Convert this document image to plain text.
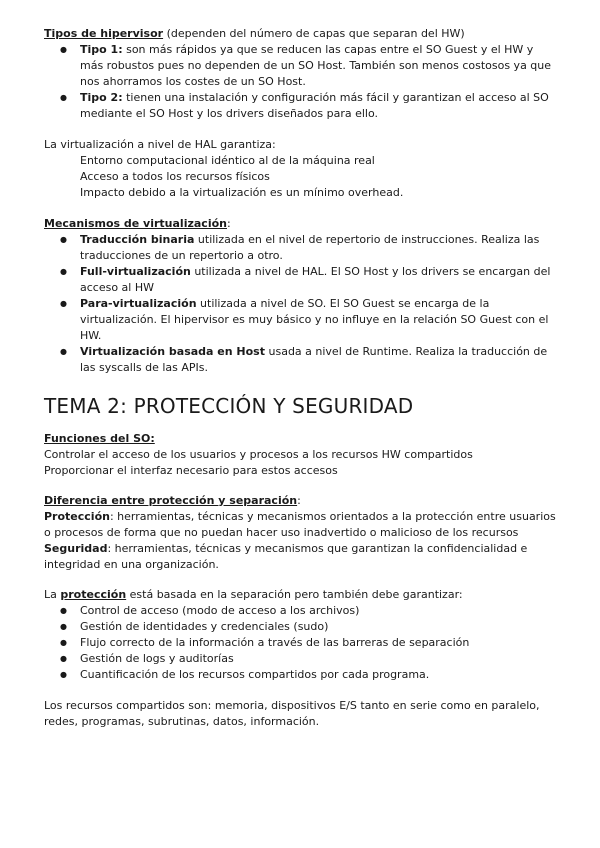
Tipos de hipervisor (dependen del número de capas que separan del HW)

● Tipo 1: son más rápidos ya que se reducen las capas entre el SO Guest y el HW y más robustos pues no dependen de un SO Host. También son menos costosos ya que nos ahorramos los costes de un SO Host.
● Tipo 2: tienen una instalación y configuración más fácil y garantizan el acceso al SO mediante el SO Host y los drivers diseñados para ello.

La virtualización a nivel de HAL garantiza:

Entorno computacional idéntico al de la máquina real
Acceso a todos los recursos físicos
Impacto debido a la virtualización es un mínimo overhead.

Mecanismos de virtualización:

● Traducción binaria utilizada en el nivel de repertorio de instrucciones. Realiza las traducciones de un repertorio a otro.
● Full-virtualización utilizada a nivel de HAL. El SO Host y los drivers se encargan del acceso al HW
● Para-virtualización utilizada a nivel de SO. El SO Guest se encarga de la virtualización. El hipervisor es muy básico y no influye en la relación SO Guest con el HW.
● Virtualización basada en Host usada a nivel de Runtime. Realiza la traducción de las syscalls de las APIs.
TEMA 2: PROTECCIÓN Y SEGURIDAD

Funciones del SO:

Controlar el acceso de los usuarios y procesos a los recursos HW compartidos

Proporcionar el interfaz necesario para estos accesos

Diferencia entre protección y separación:

Protección: herramientas, técnicas y mecanismos orientados a la protección entre usuarios o procesos de forma que no puedan hacer uso inadvertido o malicioso de los recursos

Seguridad: herramientas, técnicas y mecanismos que garantizan la confidencialidad e integridad en una organización.

La protección está basada en la separación pero también debe garantizar:

● Control de acceso (modo de acceso a los archivos)
● Gestión de identidades y credenciales (sudo)
● Flujo correcto de la información a través de las barreras de separación
● Gestión de logs y auditorías
● Cuantificación de los recursos compartidos por cada programa.

Los recursos compartidos son: memoria, dispositivos E/S tanto en serie como en paralelo, redes, programas, subrutinas, datos, información.
